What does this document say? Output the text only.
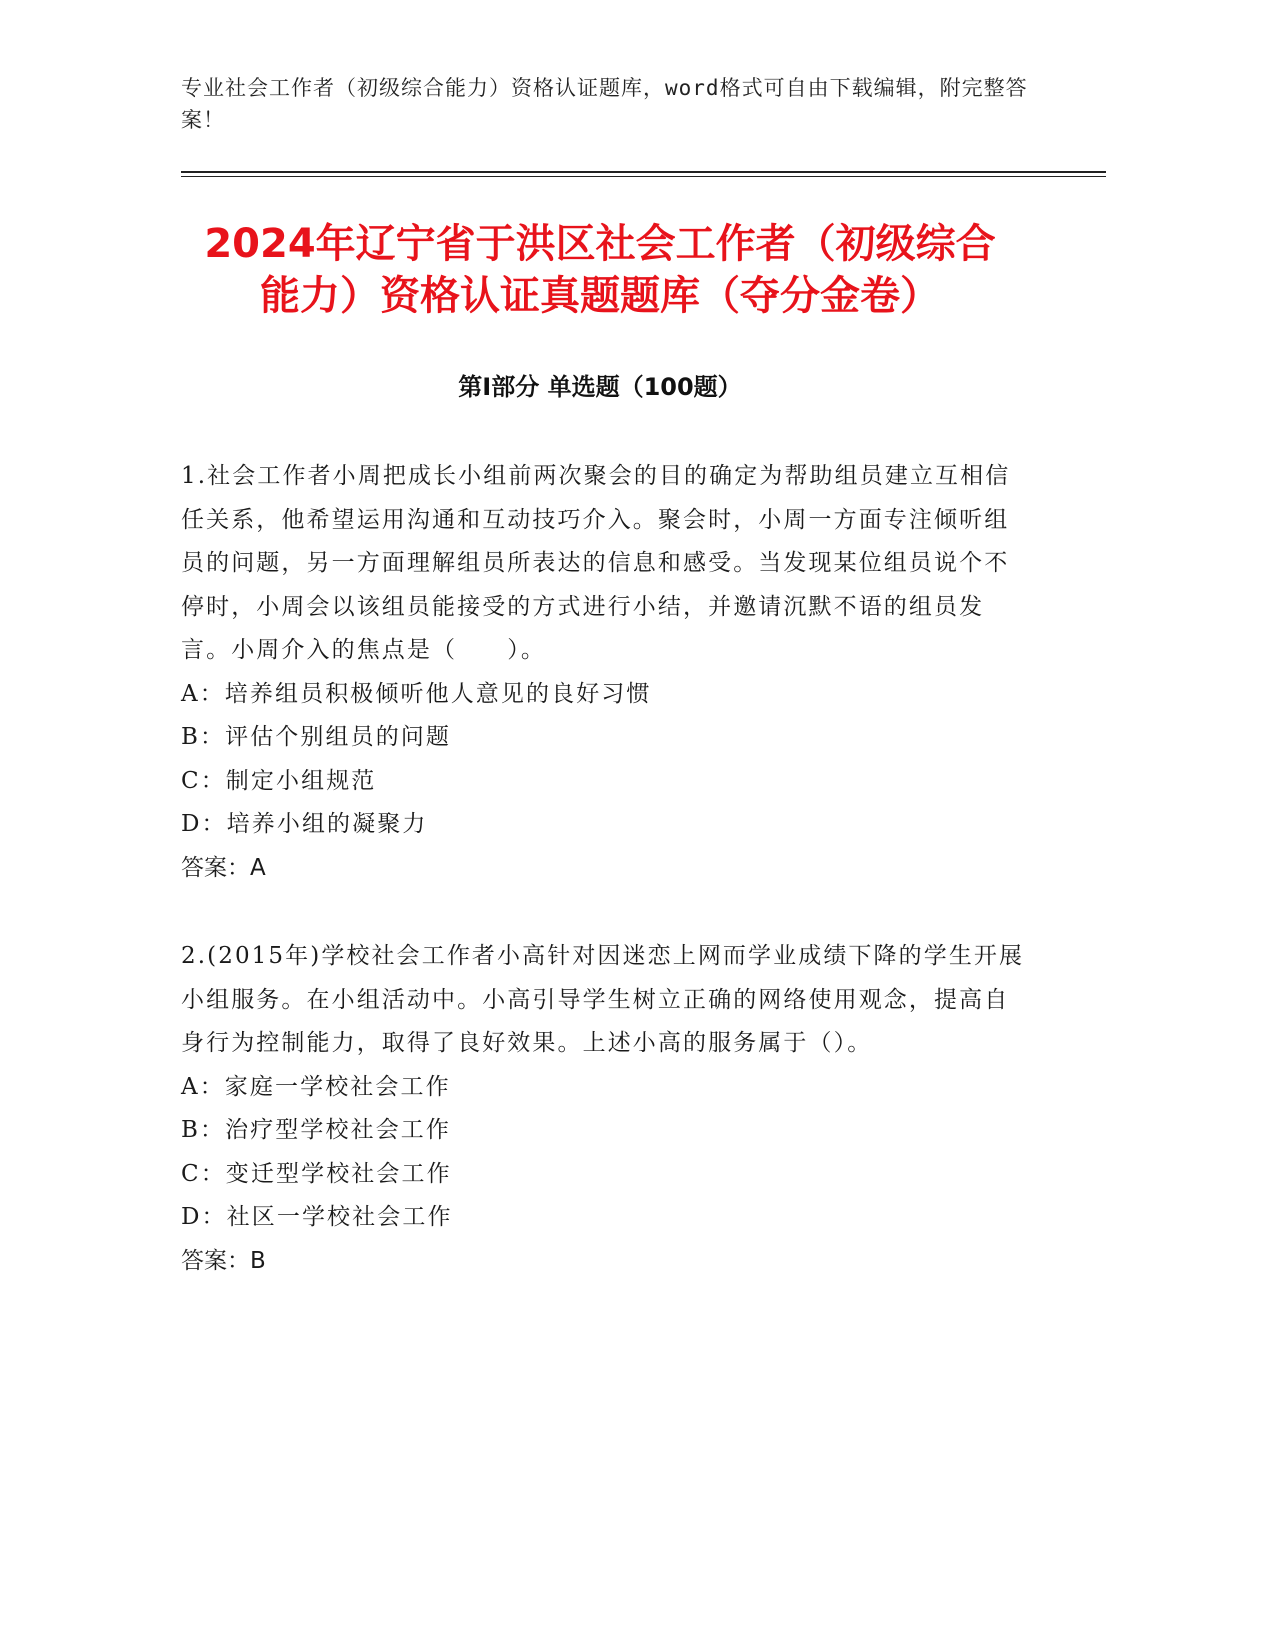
专业社会工作者（初级综合能力）资格认证题库，word格式可自由下载编辑，附完整答案！
2024年辽宁省于洪区社会工作者（初级综合
能力）资格认证真题题库（夺分金卷）
第Ⅰ部分 单选题（100题）

1.社会工作者小周把成长小组前两次聚会的目的确定为帮助组员建立互相信任关系，他希望运用沟通和互动技巧介入。聚会时，小周一方面专注倾听组员的问题，另一方面理解组员所表达的信息和感受。当发现某位组员说个不停时，小周会以该组员能接受的方式进行小结，并邀请沉默不语的组员发言。小周介入的焦点是（　　）。

A：培养组员积极倾听他人意见的良好习惯

B：评估个别组员的问题

C：制定小组规范

D：培养小组的凝聚力

答案：A

2.(2015年)学校社会工作者小高针对因迷恋上网而学业成绩下降的学生开展小组服务。在小组活动中。小高引导学生树立正确的网络使用观念，提高自身行为控制能力，取得了良好效果。上述小高的服务属于（）。

A：家庭一学校社会工作

B：治疗型学校社会工作

C：变迁型学校社会工作

D：社区一学校社会工作

答案：B
